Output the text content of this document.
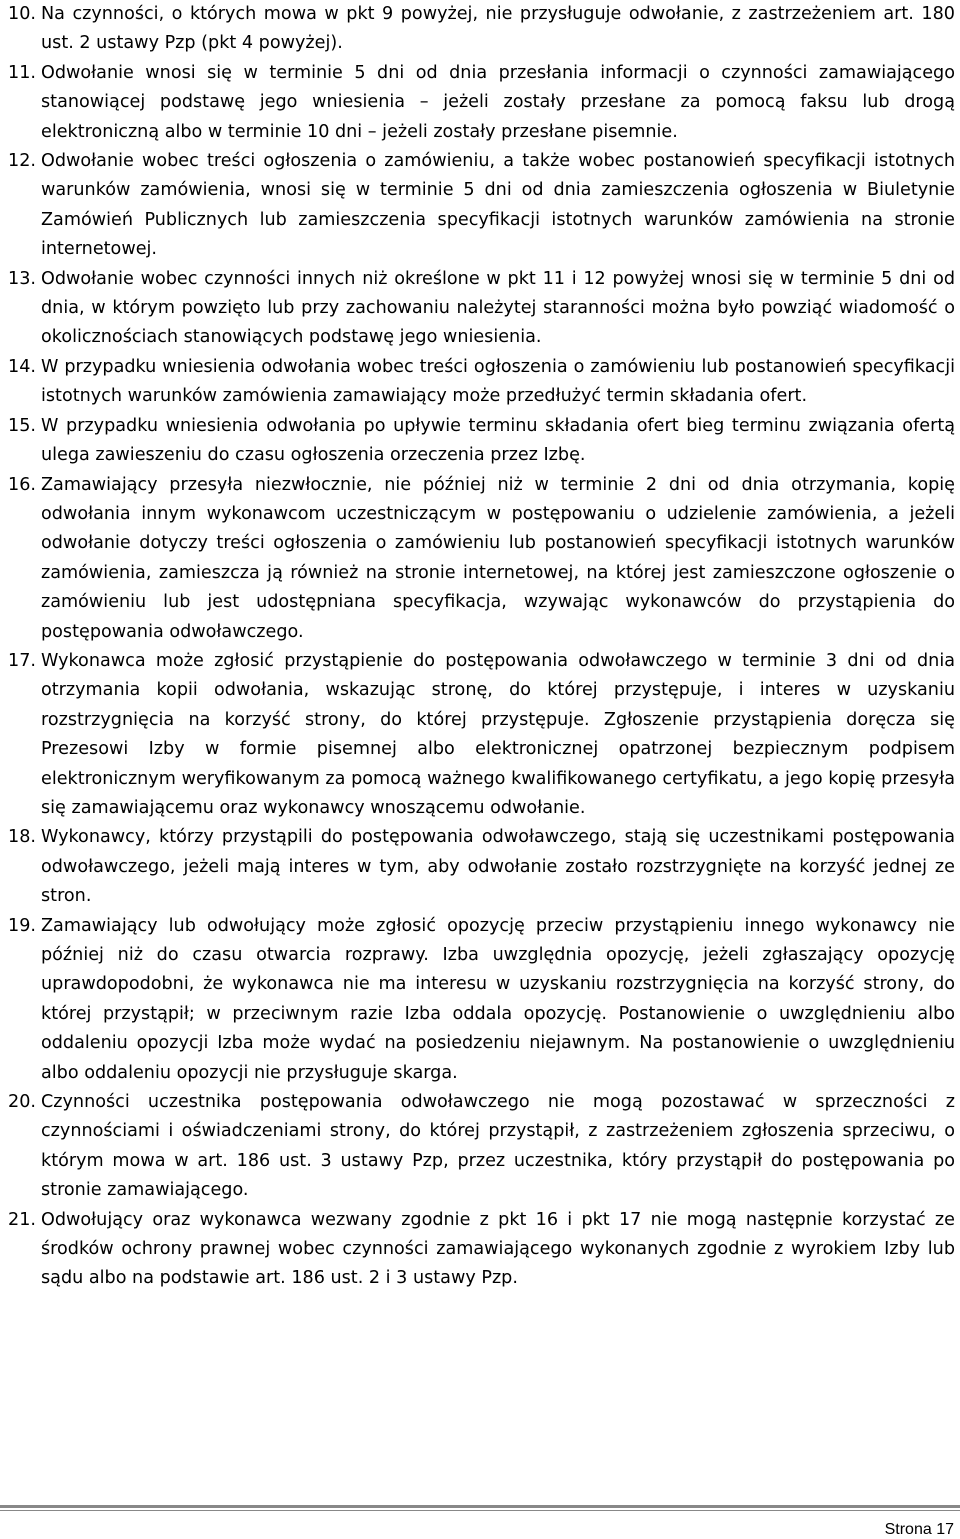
10. Na czynności, o których mowa w pkt 9 powyżej, nie przysługuje odwołanie, z zastrzeżeniem art. 180 ust. 2 ustawy Pzp (pkt 4 powyżej).
11. Odwołanie wnosi się w terminie 5 dni od dnia przesłania informacji o czynności zamawiającego stanowiącej podstawę jego wniesienia – jeżeli zostały przesłane za pomocą faksu lub drogą elektroniczną albo w terminie 10 dni – jeżeli zostały przesłane pisemnie.
12. Odwołanie wobec treści ogłoszenia o zamówieniu, a także wobec postanowień specyfikacji istotnych warunków zamówienia, wnosi się w terminie 5 dni od dnia zamieszczenia ogłoszenia w Biuletynie Zamówień Publicznych lub zamieszczenia specyfikacji istotnych warunków zamówienia na stronie internetowej.
13. Odwołanie wobec czynności innych niż określone w pkt 11 i 12 powyżej wnosi się w terminie 5 dni od dnia, w którym powzięto lub przy zachowaniu należytej staranności można było powziąć wiadomość o okolicznościach stanowiących podstawę jego wniesienia.
14. W przypadku wniesienia odwołania wobec treści ogłoszenia o zamówieniu lub postanowień specyfikacji istotnych warunków zamówienia zamawiający może przedłużyć termin składania ofert.
15. W przypadku wniesienia odwołania po upływie terminu składania ofert bieg terminu związania ofertą ulega zawieszeniu do czasu ogłoszenia orzeczenia przez Izbę.
16. Zamawiający przesyła niezwłocznie, nie później niż w terminie 2 dni od dnia otrzymania, kopię odwołania innym wykonawcom uczestniczącym w postępowaniu o udzielenie zamówienia, a jeżeli odwołanie dotyczy treści ogłoszenia o zamówieniu lub postanowień specyfikacji istotnych warunków zamówienia, zamieszcza ją również na stronie internetowej, na której jest zamieszczone ogłoszenie o zamówieniu lub jest udostępniana specyfikacja, wzywając wykonawców do przystąpienia do postępowania odwoławczego.
17. Wykonawca może zgłosić przystąpienie do postępowania odwoławczego w terminie 3 dni od dnia otrzymania kopii odwołania, wskazując stronę, do której przystępuje, i interes w uzyskaniu rozstrzygnięcia na korzyść strony, do której przystępuje. Zgłoszenie przystąpienia doręcza się Prezesowi Izby w formie pisemnej albo elektronicznej opatrzonej bezpiecznym podpisem elektronicznym weryfikowanym za pomocą ważnego kwalifikowanego certyfikatu, a jego kopię przesyła się zamawiającemu oraz wykonawcy wnoszącemu odwołanie.
18. Wykonawcy, którzy przystąpili do postępowania odwoławczego, stają się uczestnikami postępowania odwoławczego, jeżeli mają interes w tym, aby odwołanie zostało rozstrzygnięte na korzyść jednej ze stron.
19. Zamawiający lub odwołujący może zgłosić opozycję przeciw przystąpieniu innego wykonawcy nie później niż do czasu otwarcia rozprawy. Izba uwzględnia opozycję, jeżeli zgłaszający opozycję uprawdopodobni, że wykonawca nie ma interesu w uzyskaniu rozstrzygnięcia na korzyść strony, do której przystąpił; w przeciwnym razie Izba oddala opozycję. Postanowienie o uwzględnieniu albo oddaleniu opozycji Izba może wydać na posiedzeniu niejawnym. Na postanowienie o uwzględnieniu albo oddaleniu opozycji nie przysługuje skarga.
20. Czynności uczestnika postępowania odwoławczego nie mogą pozostawać w sprzeczności z czynnościami i oświadczeniami strony, do której przystąpił, z zastrzeżeniem zgłoszenia sprzeciwu, o którym mowa w art. 186 ust. 3 ustawy Pzp, przez uczestnika, który przystąpił do postępowania po stronie zamawiającego.
21. Odwołujący oraz wykonawca wezwany zgodnie z pkt 16 i pkt 17 nie mogą następnie korzystać ze środków ochrony prawnej wobec czynności zamawiającego wykonanych zgodnie z wyrokiem Izby lub sądu albo na podstawie art. 186 ust. 2 i 3 ustawy Pzp.
Strona 17
